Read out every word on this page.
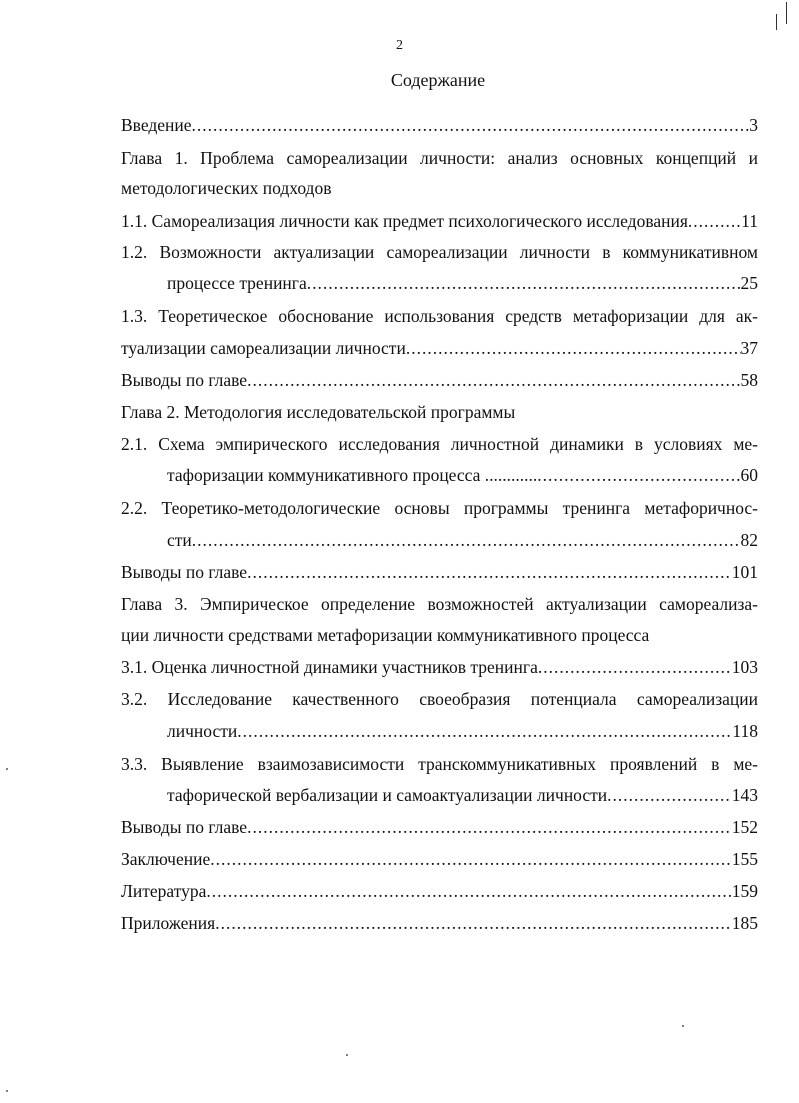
2
Содержание
Введение .....	3
Глава 1. Проблема самореализации личности: анализ основных концепций и
методологических подходов
1.1. Самореализация личности как предмет психологического исследования .....	11
1.2. Возможности актуализации самореализации личности в коммуникативном
процессе тренинга .....	25
1.3. Теоретическое обоснование использования средств метафоризации для ак-
туализации самореализации личности .....	37
Выводы по главе .....	58
Глава 2. Методология исследовательской программы
2.1. Схема эмпирического исследования личностной динамики в условиях ме-
тафоризации коммуникативного процесса ............ .....	60
2.2. Теоретико-методологические основы программы тренинга метафоричнос-
сти .....	82
Выводы по главе .....	101
Глава 3. Эмпирическое определение возможностей актуализации самореализа-
ции личности средствами метафоризации коммуникативного процесса
3.1. Оценка личностной динамики участников тренинга .....	103
3.2. Исследование качественного своеобразия потенциала самореализации
личности .....	118
3.3. Выявление взаимозависимости транскоммуникативных проявлений в ме-
тафорической вербализации и самоактуализации личности .....	143
Выводы по главе .....	152
Заключение .....	155
Литература .....	159
Приложения .....	185
